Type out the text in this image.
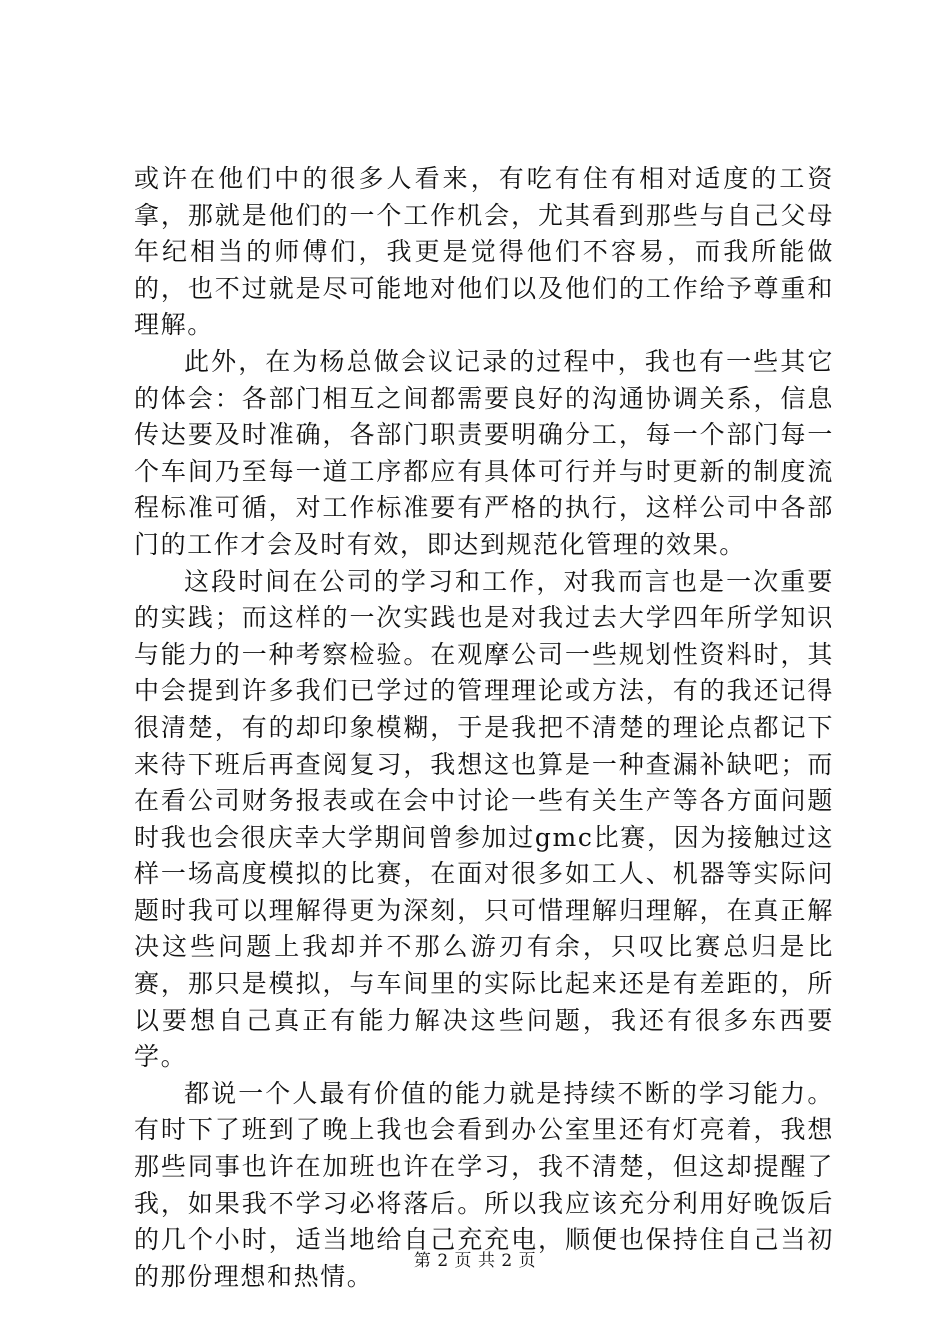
或许在他们中的很多人看来，有吃有住有相对适度的工资拿，那就是他们的一个工作机会，尤其看到那些与自己父母年纪相当的师傅们，我更是觉得他们不容易，而我所能做的，也不过就是尽可能地对他们以及他们的工作给予尊重和理解。

此外，在为杨总做会议记录的过程中，我也有一些其它的体会：各部门相互之间都需要良好的沟通协调关系，信息传达要及时准确，各部门职责要明确分工，每一个部门每一个车间乃至每一道工序都应有具体可行并与时更新的制度流程标准可循，对工作标准要有严格的执行，这样公司中各部门的工作才会及时有效，即达到规范化管理的效果。

这段时间在公司的学习和工作，对我而言也是一次重要的实践；而这样的一次实践也是对我过去大学四年所学知识与能力的一种考察检验。在观摩公司一些规划性资料时，其中会提到许多我们已学过的管理理论或方法，有的我还记得很清楚，有的却印象模糊，于是我把不清楚的理论点都记下来待下班后再查阅复习，我想这也算是一种查漏补缺吧；而在看公司财务报表或在会中讨论一些有关生产等各方面问题时我也会很庆幸大学期间曾参加过gmc比赛，因为接触过这样一场高度模拟的比赛，在面对很多如工人、机器等实际问题时我可以理解得更为深刻，只可惜理解归理解，在真正解决这些问题上我却并不那么游刃有余，只叹比赛总归是比赛，那只是模拟，与车间里的实际比起来还是有差距的，所以要想自己真正有能力解决这些问题，我还有很多东西要学。

都说一个人最有价值的能力就是持续不断的学习能力。有时下了班到了晚上我也会看到办公室里还有灯亮着，我想那些同事也许在加班也许在学习，我不清楚，但这却提醒了我，如果我不学习必将落后。所以我应该充分利用好晚饭后的几个小时，适当地给自己充充电，顺便也保持住自己当初的那份理想和热情。

第 2 页 共 2 页
